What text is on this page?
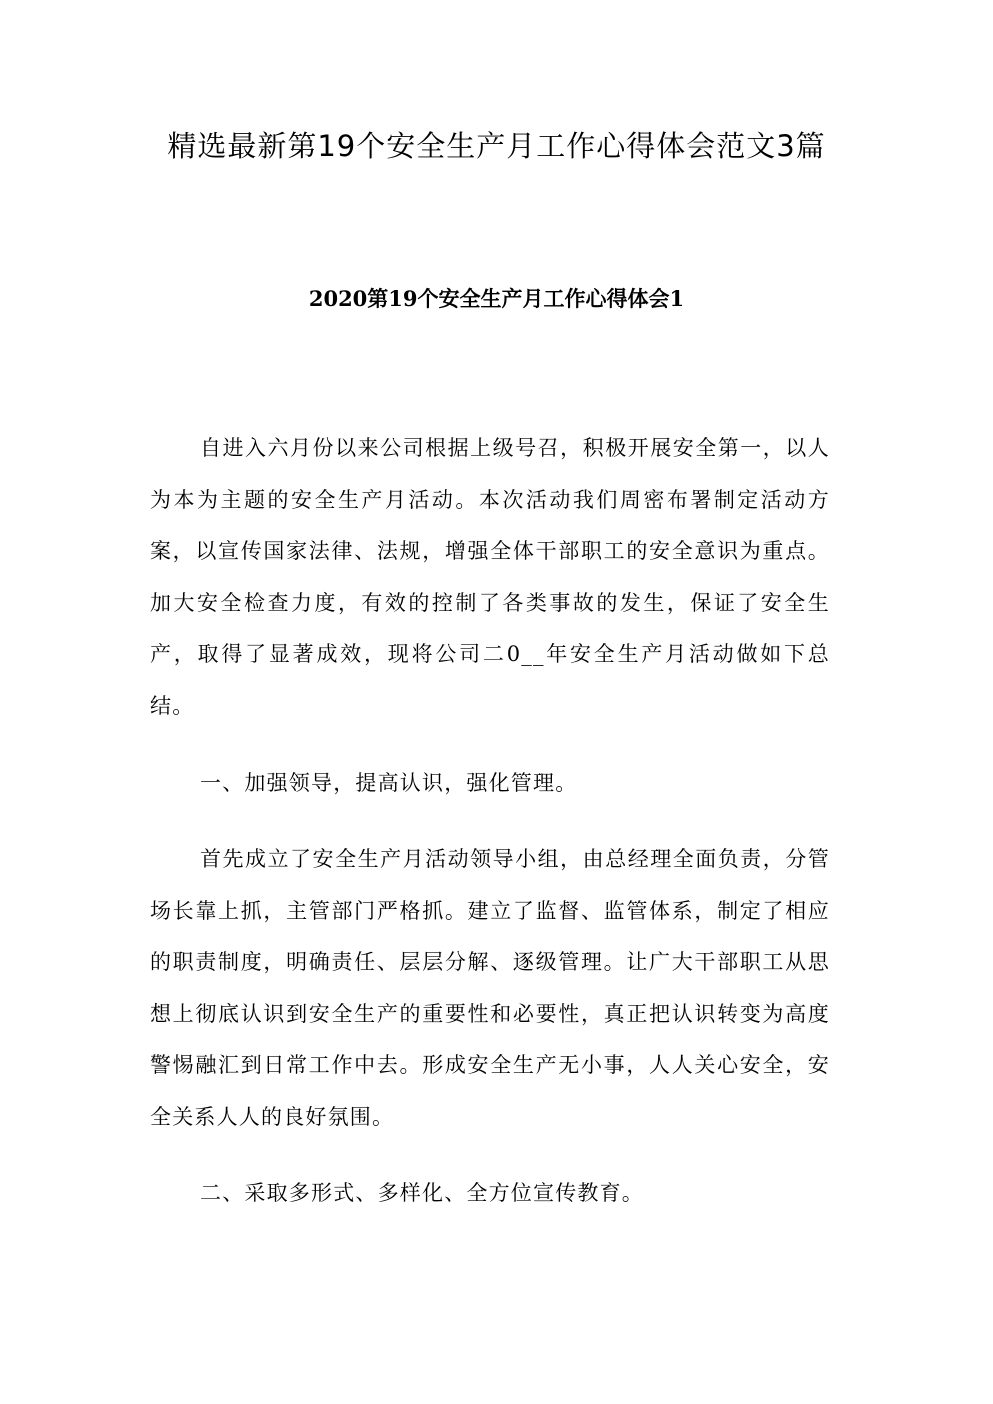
精选最新第19个安全生产月工作心得体会范文3篇
2020第19个安全生产月工作心得体会1

自进入六月份以来公司根据上级号召，积极开展安全第一，以人为本为主题的安全生产月活动。本次活动我们周密布署制定活动方案，以宣传国家法律、法规，增强全体干部职工的安全意识为重点。加大安全检查力度，有效的控制了各类事故的发生，保证了安全生产，取得了显著成效，现将公司二0__年安全生产月活动做如下总结。

一、加强领导，提高认识，强化管理。

首先成立了安全生产月活动领导小组，由总经理全面负责，分管场长靠上抓，主管部门严格抓。建立了监督、监管体系，制定了相应的职责制度，明确责任、层层分解、逐级管理。让广大干部职工从思想上彻底认识到安全生产的重要性和必要性，真正把认识转变为高度警惕融汇到日常工作中去。形成安全生产无小事，人人关心安全，安全关系人人的良好氛围。

二、采取多形式、多样化、全方位宣传教育。
